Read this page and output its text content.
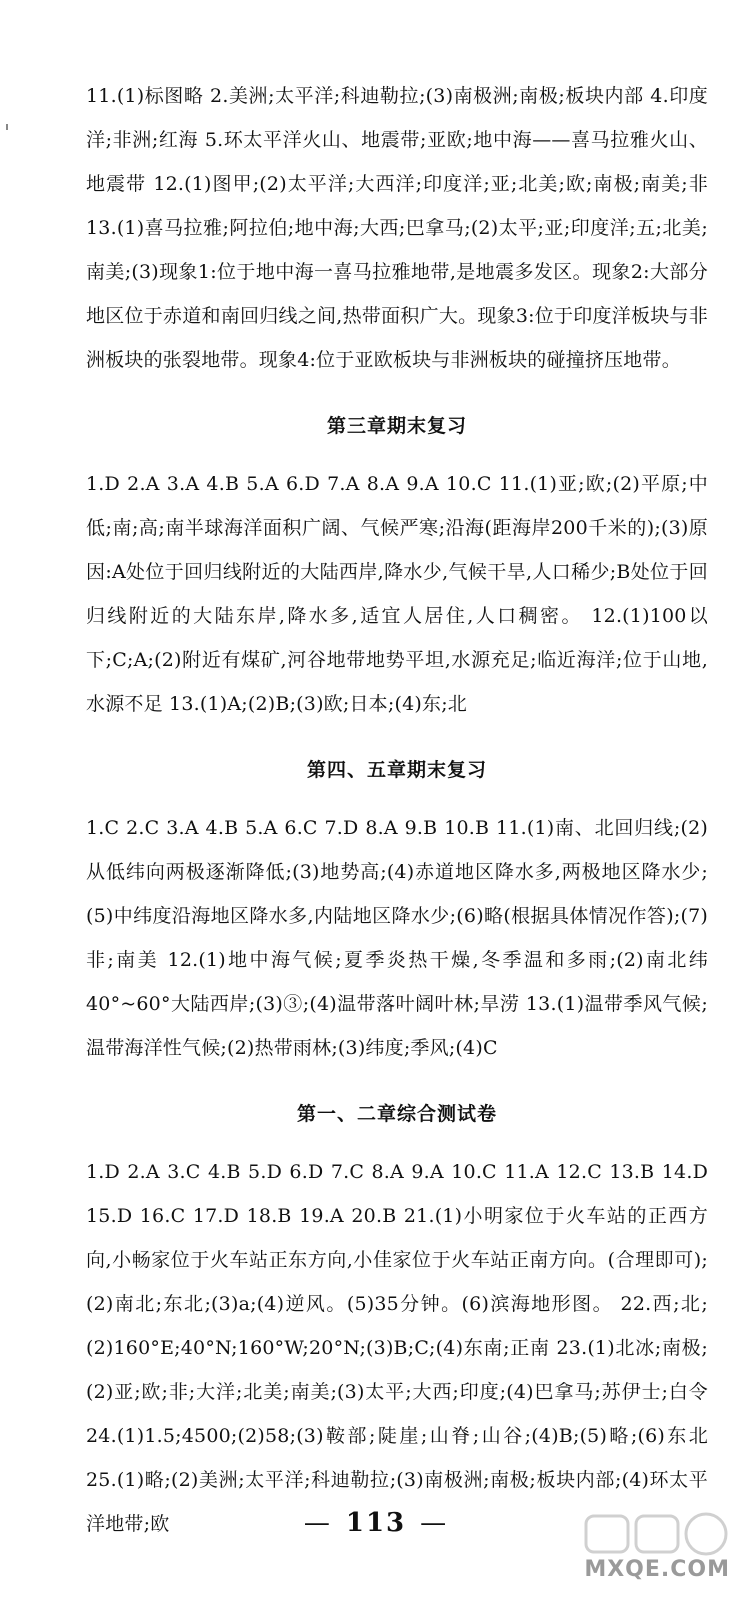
11.(1)标图略 2.美洲;太平洋;科迪勒拉;(3)南极洲;南极;板块内部 4.印度洋;非洲;红海 5.环太平洋火山、地震带;亚欧;地中海——喜马拉雅火山、地震带 12.(1)图甲;(2)太平洋;大西洋;印度洋;亚;北美;欧;南极;南美;非 13.(1)喜马拉雅;阿拉伯;地中海;大西;巴拿马;(2)太平;亚;印度洋;五;北美;南美;(3)现象1:位于地中海一喜马拉雅地带,是地震多发区。现象2:大部分地区位于赤道和南回归线之间,热带面积广大。现象3:位于印度洋板块与非洲板块的张裂地带。现象4:位于亚欧板块与非洲板块的碰撞挤压地带。

第三章期末复习

1.D 2.A 3.A 4.B 5.A 6.D 7.A 8.A 9.A 10.C 11.(1)亚;欧;(2)平原;中低;南;高;南半球海洋面积广阔、气候严寒;沿海(距海岸200千米的);(3)原因:A处位于回归线附近的大陆西岸,降水少,气候干旱,人口稀少;B处位于回归线附近的大陆东岸,降水多,适宜人居住,人口稠密。 12.(1)100以下;C;A;(2)附近有煤矿,河谷地带地势平坦,水源充足;临近海洋;位于山地,水源不足 13.(1)A;(2)B;(3)欧;日本;(4)东;北

第四、五章期末复习

1.C 2.C 3.A 4.B 5.A 6.C 7.D 8.A 9.B 10.B 11.(1)南、北回归线;(2)从低纬向两极逐渐降低;(3)地势高;(4)赤道地区降水多,两极地区降水少;(5)中纬度沿海地区降水多,内陆地区降水少;(6)略(根据具体情况作答);(7)非;南美 12.(1)地中海气候;夏季炎热干燥,冬季温和多雨;(2)南北纬40°~60°大陆西岸;(3)③;(4)温带落叶阔叶林;旱涝 13.(1)温带季风气候;温带海洋性气候;(2)热带雨林;(3)纬度;季风;(4)C

第一、二章综合测试卷

1.D 2.A 3.C 4.B 5.D 6.D 7.C 8.A 9.A 10.C 11.A 12.C 13.B 14.D 15.D 16.C 17.D 18.B 19.A 20.B 21.(1)小明家位于火车站的正西方向,小畅家位于火车站正东方向,小佳家位于火车站正南方向。(合理即可);(2)南北;东北;(3)a;(4)逆风。(5)35分钟。(6)滨海地形图。 22.西;北;(2)160°E;40°N;160°W;20°N;(3)B;C;(4)东南;正南 23.(1)北冰;南极;(2)亚;欧;非;大洋;北美;南美;(3)太平;大西;印度;(4)巴拿马;苏伊士;白令 24.(1)1.5;4500;(2)58;(3)鞍部;陡崖;山脊;山谷;(4)B;(5)略;(6)东北 25.(1)略;(2)美洲;太平洋;科迪勒拉;(3)南极洲;南极;板块内部;(4)环太平洋地带;欧	— 113 —
MXQE.COM
